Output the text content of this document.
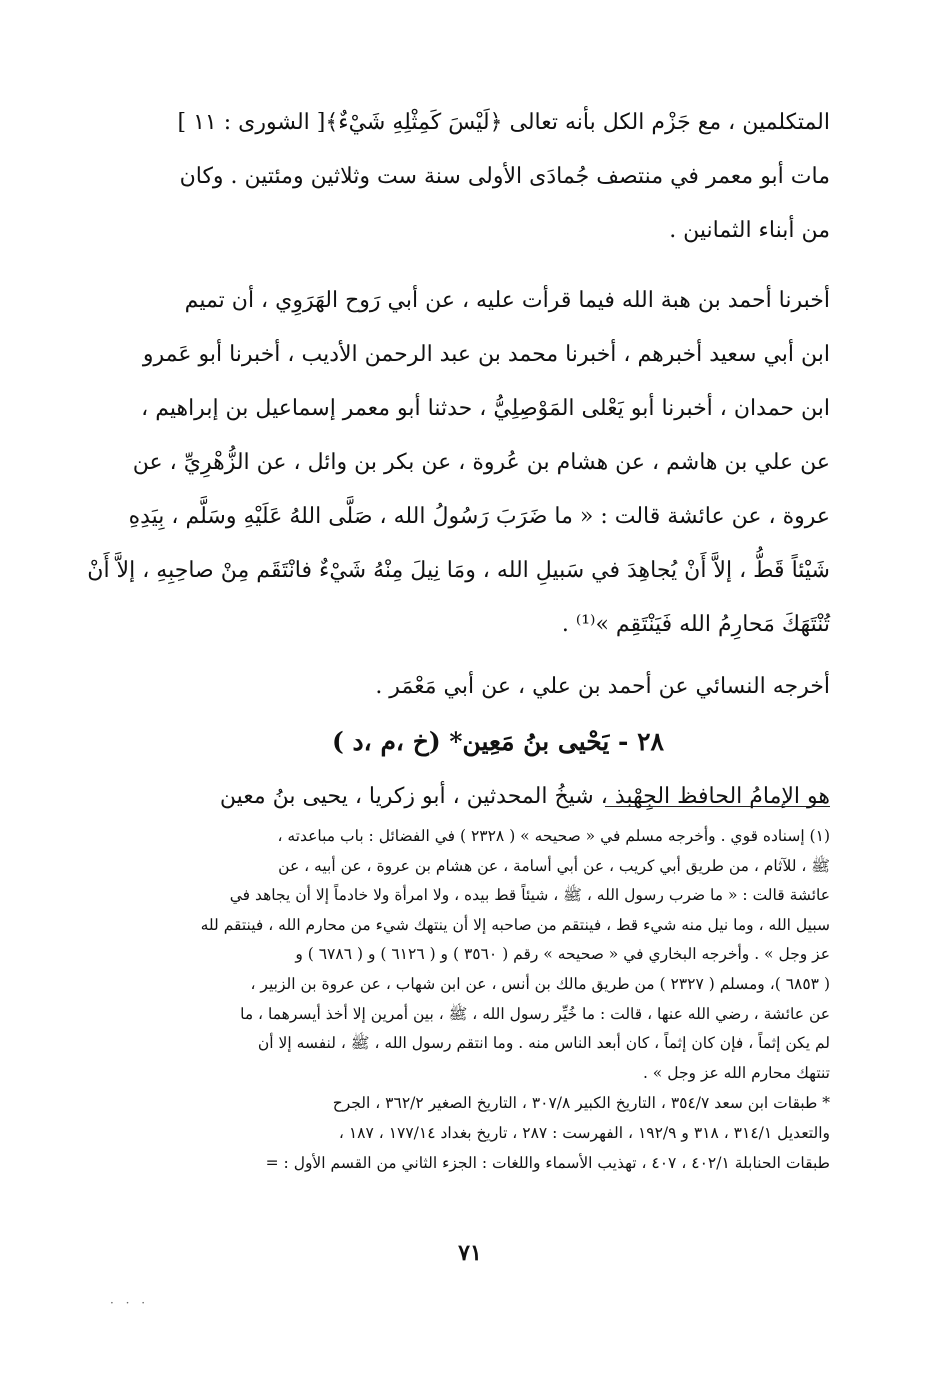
المتكلمين ، مع جَزْم الكل بأنه تعالى ﴿لَيْسَ كَمِثْلِهِ شَيْءٌ﴾[ الشورى : ١١ ]
مات أبو معمر في منتصف جُمادَى الأولى سنة ست وثلاثين ومئتين . وكان
من أبناء الثمانين .
أخبرنا أحمد بن هبة الله فيما قرأت عليه ، عن أبي رَوح الهَرَوِي ، أن تميم
ابن أبي سعيد أخبرهم ، أخبرنا محمد بن عبد الرحمن الأديب ، أخبرنا أبو عَمرو
ابن حمدان ، أخبرنا أبو يَعْلى المَوْصِلِيُّ ، حدثنا أبو معمر إسماعيل بن إبراهيم ،
عن علي بن هاشم ، عن هشام بن عُروة ، عن بكر بن وائل ، عن الزُّهْرِيِّ ، عن
عروة ، عن عائشة قالت : « ما ضَرَبَ رَسُولُ الله ، صَلَّى اللهُ عَلَيْهِ وسَلَّم ، بِيَدِهِ
شَيْئاً قَطُّ ، إلاَّ أَنْ يُجاهِدَ في سَبيلِ الله ، ومَا نِيلَ مِنْهُ شَيْءٌ فانْتَقَم مِنْ صاحِبِهِ ، إلاَّ أَنْ
تُنْتَهَكَ مَحارِمُ الله فَيَنْتَقِم »⁽¹⁾ .
أخرجه النسائي عن أحمد بن علي ، عن أبي مَعْمَر .
٢٨ - يَحْيى بنُ مَعِين* (خ ،م ،د )
هو الإمامُ الحافظ الجِهْبذ ، شيخُ المحدثين ، أبو زكريا ، يحيى بنُ معين
(١) إسناده قوي . وأخرجه مسلم في « صحيحه » ( ٢٣٢٨ ) في الفضائل : باب مباعدته ،
ﷺ ، للآثام ، من طريق أبي كريب ، عن أبي أسامة ، عن هشام بن عروة ، عن أبيه ، عن
عائشة قالت : « ما ضرب رسول الله ، ﷺ ، شيئاً قط بيده ، ولا امرأة ولا خادماً إلا أن يجاهد في
سبيل الله ، وما نيل منه شيء قط ، فينتقم من صاحبه إلا أن ينتهك شيء من محارم الله ، فينتقم لله
عز وجل » . وأخرجه البخاري في « صحيحه » رقم ( ٣٥٦٠ ) و ( ٦١٢٦ ) و ( ٦٧٨٦ ) و
( ٦٨٥٣ )، ومسلم ( ٢٣٢٧ ) من طريق مالك بن أنس ، عن ابن شهاب ، عن عروة بن الزبير ،
عن عائشة ، رضي الله عنها ، قالت : ما خُيِّر رسول الله ، ﷺ ، بين أمرين إلا أخذ أيسرهما ، ما
لم يكن إثماً ، فإن كان إثماً ، كان أبعد الناس منه . وما انتقم رسول الله ، ﷺ ، لنفسه إلا أن
تنتهك محارم الله عز وجل » .
* طبقات ابن سعد ٣٥٤/٧ ، التاريخ الكبير ٣٠٧/٨ ، التاريخ الصغير ٣٦٢/٢ ، الجرح
والتعديل ٣١٤/١ ، ٣١٨ و ١٩٢/٩ ، الفهرست : ٢٨٧ ، تاريخ بغداد ١٧٧/١٤ ، ١٨٧ ،
طبقات الحنابلة ٤٠٢/١ ، ٤٠٧ ، تهذيب الأسماء واللغات : الجزء الثاني من القسم الأول : =
٧١
· · ·
